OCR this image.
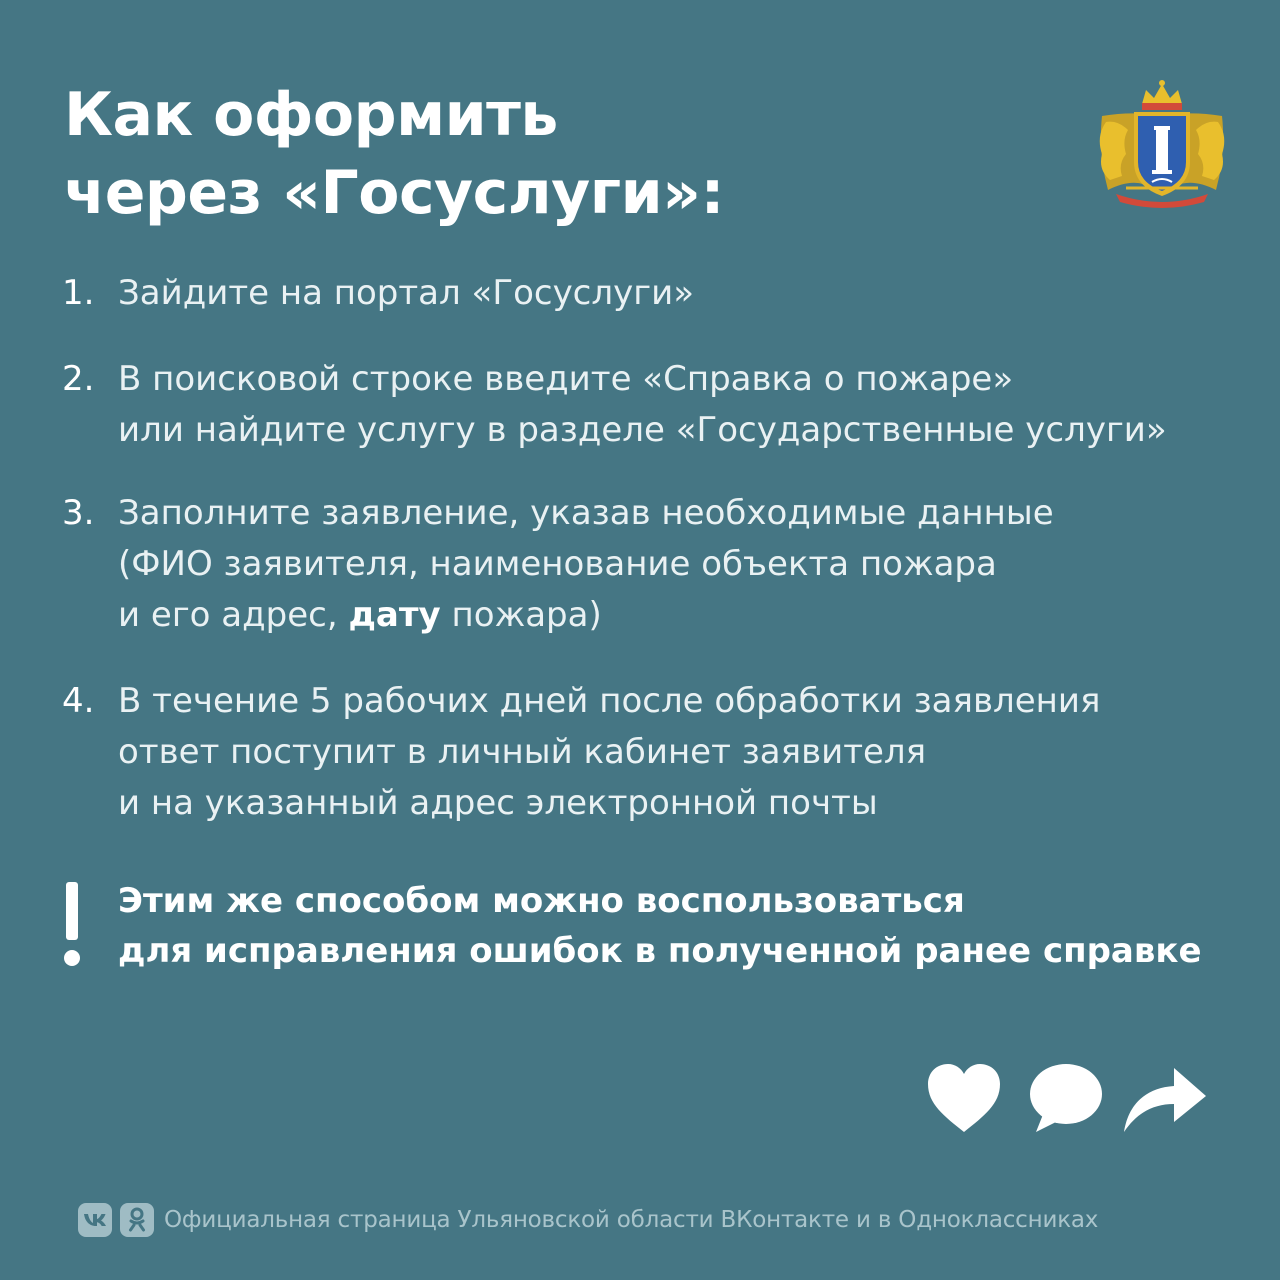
Как оформить
через «Госуслуги»:
1. Зайдите на портал «Госуслуги»
2. В поисковой строке введите «Справка о пожаре»
или найдите услугу в разделе «Государственные услуги»
3. Заполните заявление, указав необходимые данные
(ФИО заявителя, наименование объекта пожара
и его адрес, дату пожара)
4. В течение 5 рабочих дней после обработки заявления
ответ поступит в личный кабинет заявителя
и на указанный адрес электронной почты
Этим же способом можно воспользоваться
для исправления ошибок в полученной ранее справке
Официальная страница Ульяновской области ВКонтакте и в Одноклассниках
